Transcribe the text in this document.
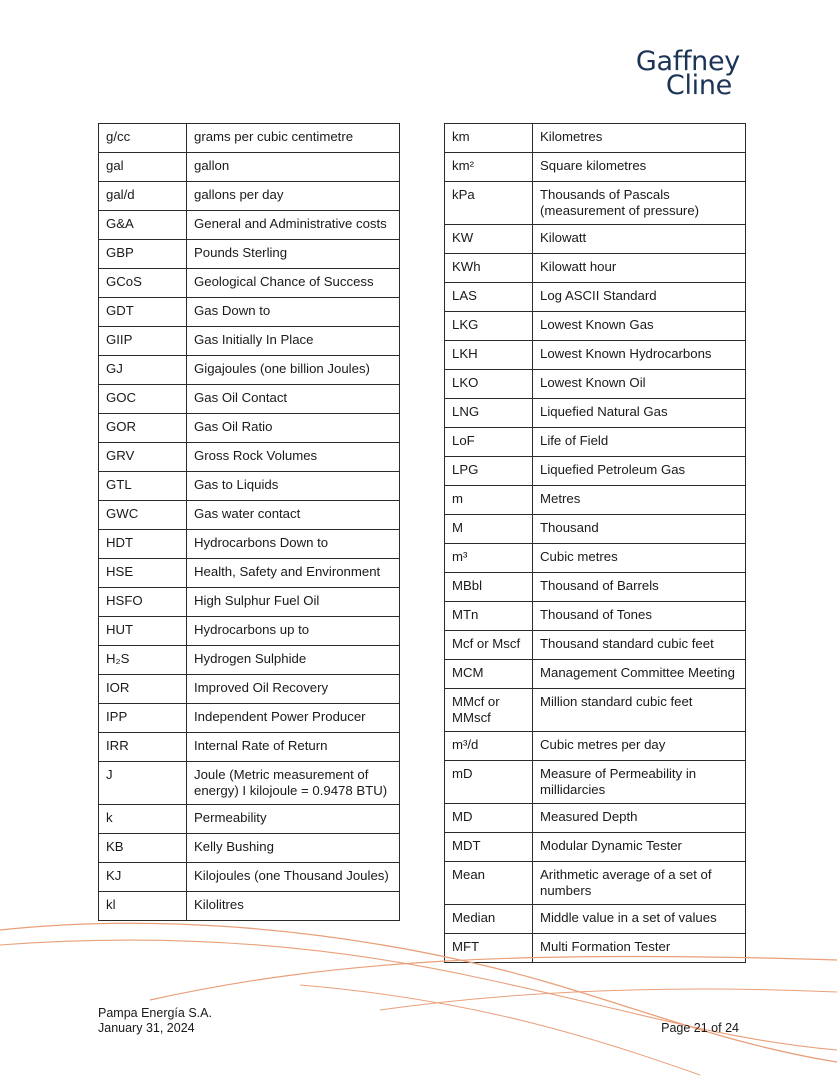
Gaffney
Cline
g/cc	grams per cubic centimetre
gal	gallon
gal/d	gallons per day
G&A	General and Administrative costs
GBP	Pounds Sterling
GCoS	Geological Chance of Success
GDT	Gas Down to
GIIP	Gas Initially In Place
GJ	Gigajoules (one billion Joules)
GOC	Gas Oil Contact
GOR	Gas Oil Ratio
GRV	Gross Rock Volumes
GTL	Gas to Liquids
GWC	Gas water contact
HDT	Hydrocarbons Down to
HSE	Health, Safety and Environment
HSFO	High Sulphur Fuel Oil
HUT	Hydrocarbons up to
H₂S	Hydrogen Sulphide
IOR	Improved Oil Recovery
IPP	Independent Power Producer
IRR	Internal Rate of Return
J	Joule (Metric measurement of energy) I kilojoule = 0.9478 BTU)
k	Permeability
KB	Kelly Bushing
KJ	Kilojoules (one Thousand Joules)
kl	Kilolitres
km	Kilometres
km²	Square kilometres
kPa	Thousands of Pascals (measurement of pressure)
KW	Kilowatt
KWh	Kilowatt hour
LAS	Log ASCII Standard
LKG	Lowest Known Gas
LKH	Lowest Known Hydrocarbons
LKO	Lowest Known Oil
LNG	Liquefied Natural Gas
LoF	Life of Field
LPG	Liquefied Petroleum Gas
m	Metres
M	Thousand
m³	Cubic metres
MBbl	Thousand of Barrels
MTn	Thousand of Tones
Mcf or Mscf	Thousand standard cubic feet
MCM	Management Committee Meeting
MMcf or MMscf	Million standard cubic feet
m³/d	Cubic metres per day
mD	Measure of Permeability in millidarcies
MD	Measured Depth
MDT	Modular Dynamic Tester
Mean	Arithmetic average of a set of numbers
Median	Middle value in a set of values
MFT	Multi Formation Tester
Pampa Energía S.A.
January 31, 2024	Page 21 of 24
